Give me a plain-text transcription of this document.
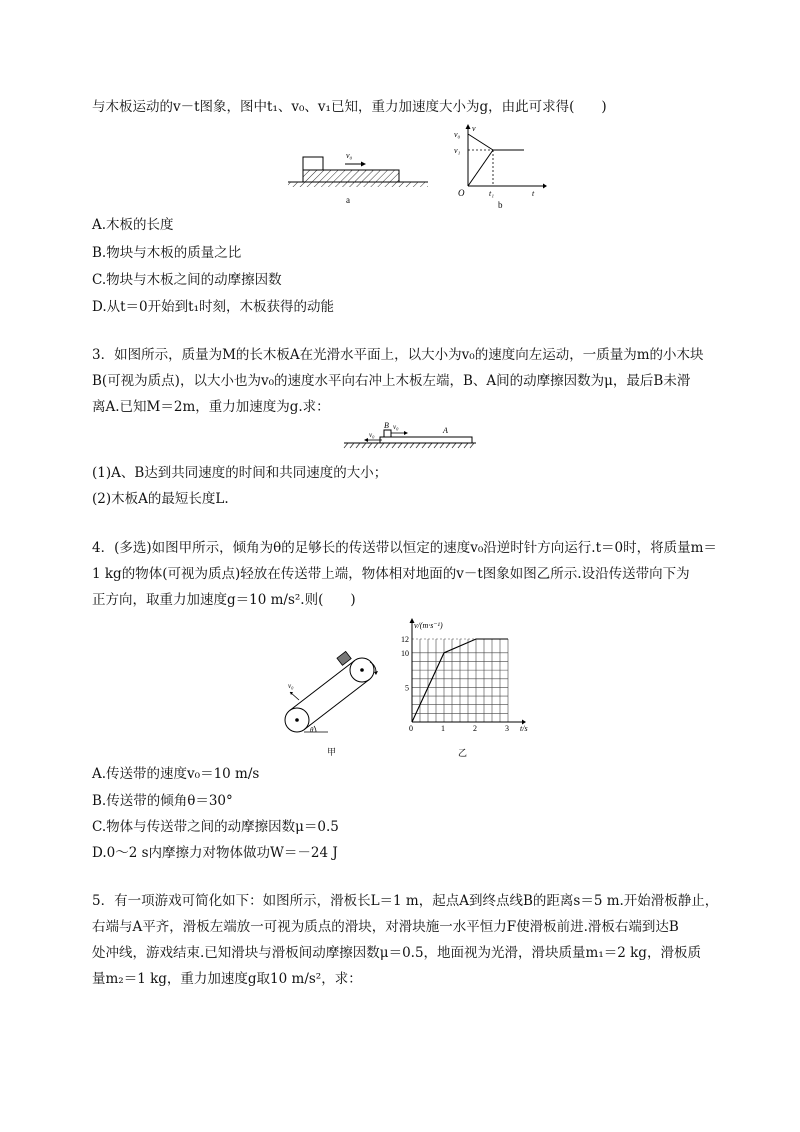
与木板运动的v－t图象，图中t₁、v₀、v₁已知，重力加速度大小为g，由此可求得(　　)
v₀
a
v
v₀
v₁
O	t₁	t
b
A.木板的长度
B.物块与木板的质量之比
C.物块与木板之间的动摩擦因数
D.从t＝0开始到t₁时刻，木板获得的动能
3．如图所示，质量为M的长木板A在光滑水平面上，以大小为v₀的速度向左运动，一质量为m的小木块
B(可视为质点)，以大小也为v₀的速度水平向右冲上木板左端，B、A间的动摩擦因数为μ，最后B未滑
离A.已知M＝2m，重力加速度为g.求：
B v₀
v₀	A
(1)A、B达到共同速度的时间和共同速度的大小；
(2)木板A的最短长度L.
4．(多选)如图甲所示，倾角为θ的足够长的传送带以恒定的速度v₀沿逆时针方向运行.t＝0时，将质量m＝
1 kg的物体(可视为质点)轻放在传送带上端，物体相对地面的v－t图象如图乙所示.设沿传送带向下为
正方向，取重力加速度g＝10 m/s².则(　　)
v₀
θ
甲
0	1	2	3
5
10
12
v/(m·s⁻¹)
t/s
乙
A.传送带的速度v₀＝10 m/s
B.传送带的倾角θ＝30°
C.物体与传送带之间的动摩擦因数μ＝0.5
D.0～2 s内摩擦力对物体做功W＝－24 J
5．有一项游戏可简化如下：如图所示，滑板长L＝1 m，起点A到终点线B的距离s＝5 m.开始滑板静止，
右端与A平齐，滑板左端放一可视为质点的滑块，对滑块施一水平恒力F使滑板前进.滑板右端到达B
处冲线，游戏结束.已知滑块与滑板间动摩擦因数μ＝0.5，地面视为光滑，滑块质量m₁＝2 kg，滑板质
量m₂＝1 kg，重力加速度g取10 m/s²，求：
